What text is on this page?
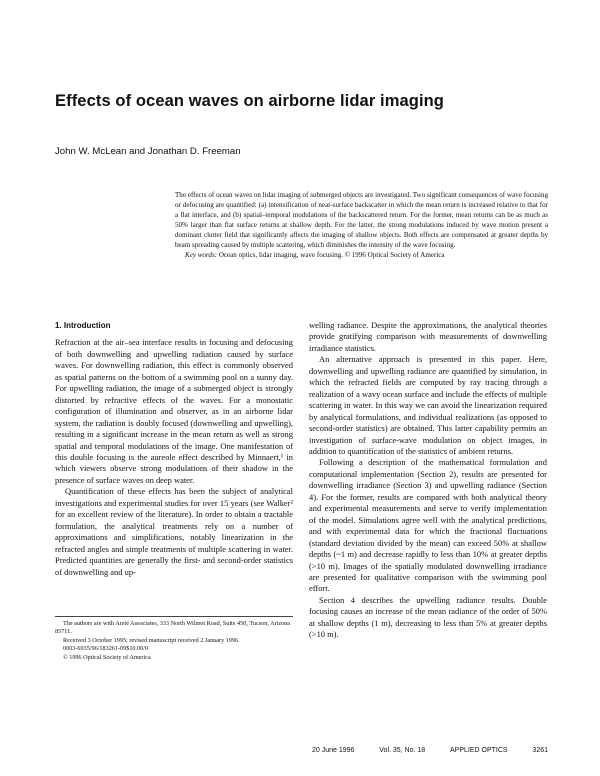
Effects of ocean waves on airborne lidar imaging
John W. McLean and Jonathan D. Freeman

The effects of ocean waves on lidar imaging of submerged objects are investigated. Two significant consequences of wave focusing or defocusing are quantified: (a) intensification of near-surface backscatter in which the mean return is increased relative to that for a flat interface, and (b) spatial–temporal modulations of the backscattered return. For the former, mean returns can be as much as 50% larger than flat surface returns at shallow depth. For the latter, the strong modulations induced by wave motion present a dominant clutter field that significantly affects the imaging of shallow objects. Both effects are compensated at greater depths by beam spreading caused by multiple scattering, which diminishes the intensity of the wave focusing.

Key words: Ocean optics, lidar imaging, wave focusing. © 1996 Optical Society of America

1. Introduction

Refraction at the air–sea interface results in focusing and defocusing of both downwelling and upwelling radiation caused by surface waves. For downwelling radiation, this effect is commonly observed as spatial patterns on the bottom of a swimming pool on a sunny day. For upwelling radiation, the image of a submerged object is strongly distorted by refractive effects of the waves. For a monostatic configuration of illumination and observer, as in an airborne lidar system, the radiation is doubly focused (downwelling and upwelling), resulting in a significant increase in the mean return as well as strong spatial and temporal modulations of the image. One manifestation of this double focusing is the aureole effect described by Minnaert,¹ in which viewers observe strong modulations of their shadow in the presence of surface waves on deep water.

Quantification of these effects has been the subject of analytical investigations and experimental studies for over 15 years (see Walker² for an excellent review of the literature). In order to obtain a tractable formulation, the analytical treatments rely on a number of approximations and simplifications, notably linearization in the refracted angles and simple treatments of multiple scattering in water. Predicted quantities are generally the first- and second-order statistics of downwelling and up-

welling radiance. Despite the approximations, the analytical theories provide gratifying comparison with measurements of downwelling irradiance statistics.

An alternative approach is presented in this paper. Here, downwelling and upwelling radiance are quantified by simulation, in which the refracted fields are computed by ray tracing through a realization of a wavy ocean surface and include the effects of multiple scattering in water. In this way we can avoid the linearization required by analytical formulations, and individual realizations (as opposed to second-order statistics) are obtained. This latter capability permits an investigation of surface-wave modulation on object images, in addition to quantification of the statistics of ambient returns.

Following a description of the mathematical formulation and computational implementation (Section 2), results are presented for downwelling irradiance (Section 3) and upwelling radiance (Section 4). For the former, results are compared with both analytical theory and experimental measurements and serve to verify implementation of the model. Simulations agree well with the analytical predictions, and with experimental data for which the fractional fluctuations (standard deviation divided by the mean) can exceed 50% at shallow depths (~1 m) and decrease rapidly to less than 10% at greater depths (>10 m). Images of the spatially modulated downwelling irradiance are presented for qualitative comparison with the swimming pool effort.

Section 4 describes the upwelling radiance results. Double focusing causes an increase of the mean radiance of the order of 50% at shallow depths (1 m), decreasing to less than 5% at greater depths (>10 m).

The authors are with Areté Associates, 333 North Wilmot Road, Suite 450, Tucson, Arizona 85711.

Received 3 October 1995; revised manuscript received 2 January 1996.

0003-6935/96/183261-09$10.00/0

© 1996 Optical Society of America

20 June 1996	Vol. 35, No. 18	APPLIED OPTICS	3261
